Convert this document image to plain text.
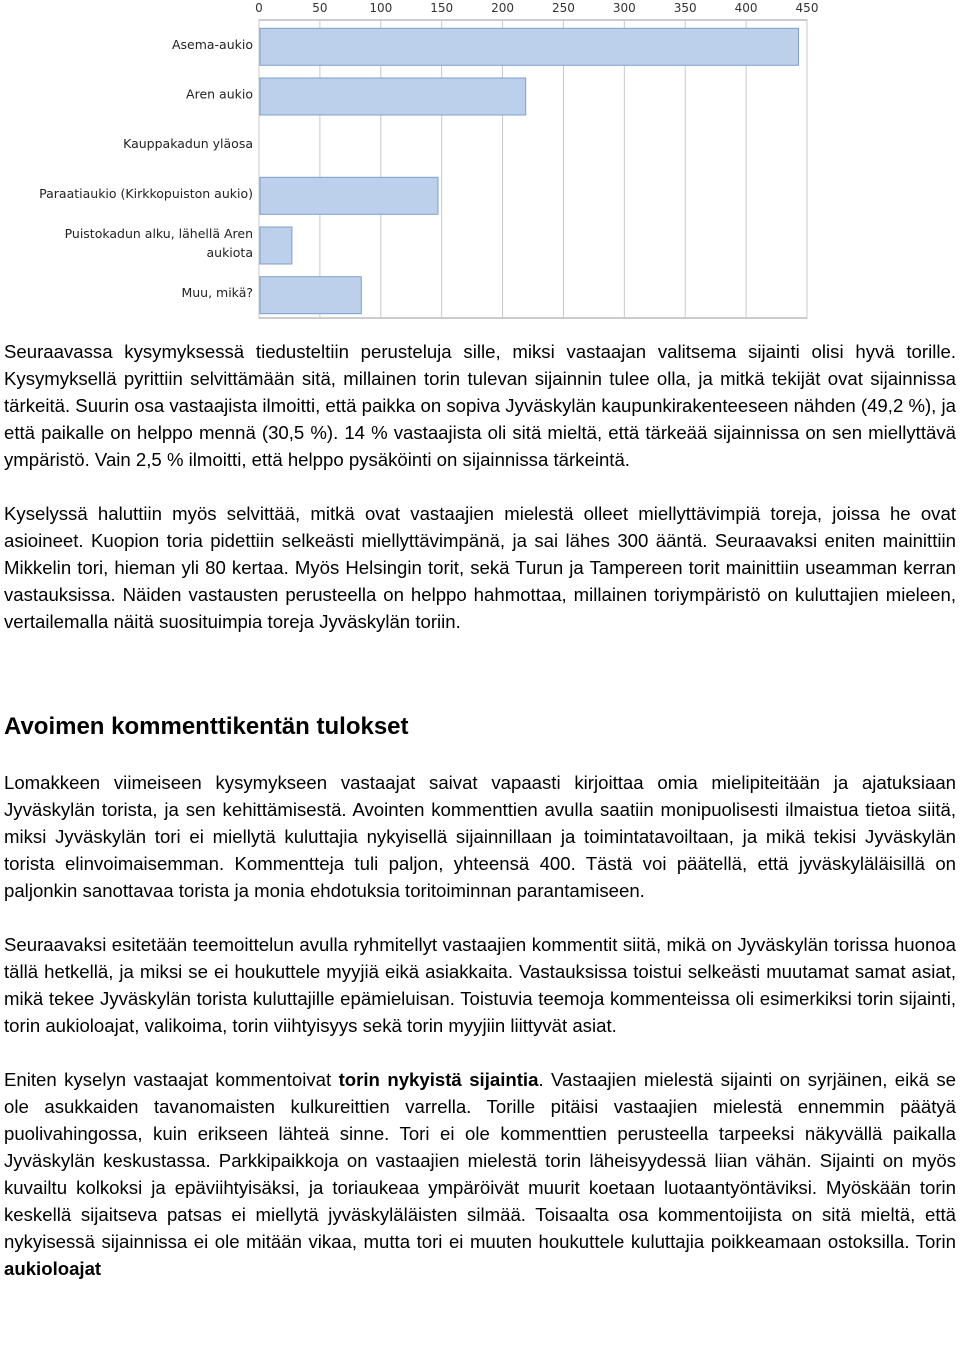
0	50	100	150	200	250	300	350	400	450
Asema-aukio
Aren aukio
Kauppakadun yläosa
Paraatiaukio (Kirkkopuiston aukio)
Puistokadun alku, lähellä Aren
aukiota
Muu, mikä?

Seuraavassa kysymyksessä tiedusteltiin perusteluja sille, miksi vastaajan valitsema sijainti olisi hyvä torille. Kysymyksellä pyrittiin selvittämään sitä, millainen torin tulevan sijainnin tulee olla, ja mitkä tekijät ovat sijainnissa tärkeitä. Suurin osa vastaajista ilmoitti, että paikka on sopiva Jyväskylän kaupunkirakenteeseen nähden (49,2 %), ja että paikalle on helppo mennä (30,5 %). 14 % vastaajista oli sitä mieltä, että tärkeää sijainnissa on sen miellyttävä ympäristö. Vain 2,5 % ilmoitti, että helppo pysäköinti on sijainnissa tärkeintä.

Kyselyssä haluttiin myös selvittää, mitkä ovat vastaajien mielestä olleet miellyttävimpiä toreja, joissa he ovat asioineet. Kuopion toria pidettiin selkeästi miellyttävimpänä, ja sai lähes 300 ääntä. Seuraavaksi eniten mainittiin Mikkelin tori, hieman yli 80 kertaa. Myös Helsingin torit, sekä Turun ja Tampereen torit mainittiin useamman kerran vastauksissa. Näiden vastausten perusteella on helppo hahmottaa, millainen toriympäristö on kuluttajien mieleen, vertailemalla näitä suosituimpia toreja Jyväskylän toriin.

Avoimen kommenttikentän tulokset

Lomakkeen viimeiseen kysymykseen vastaajat saivat vapaasti kirjoittaa omia mielipiteitään ja ajatuksiaan Jyväskylän torista, ja sen kehittämisestä. Avointen kommenttien avulla saatiin monipuolisesti ilmaistua tietoa siitä, miksi Jyväskylän tori ei miellytä kuluttajia nykyisellä sijainnillaan ja toimintatavoiltaan, ja mikä tekisi Jyväskylän torista elinvoimaisemman. Kommentteja tuli paljon, yhteensä 400. Tästä voi päätellä, että jyväskyläläisillä on paljonkin sanottavaa torista ja monia ehdotuksia toritoiminnan parantamiseen.

Seuraavaksi esitetään teemoittelun avulla ryhmitellyt vastaajien kommentit siitä, mikä on Jyväskylän torissa huonoa tällä hetkellä, ja miksi se ei houkuttele myyjiä eikä asiakkaita. Vastauksissa toistui selkeästi muutamat samat asiat, mikä tekee Jyväskylän torista kuluttajille epämieluisan. Toistuvia teemoja kommenteissa oli esimerkiksi torin sijainti, torin aukioloajat, valikoima, torin viihtyisyys sekä torin myyjiin liittyvät asiat.

Eniten kyselyn vastaajat kommentoivat torin nykyistä sijaintia. Vastaajien mielestä sijainti on syrjäinen, eikä se ole asukkaiden tavanomaisten kulkureittien varrella. Torille pitäisi vastaajien mielestä ennemmin päätyä puolivahingossa, kuin erikseen lähteä sinne. Tori ei ole kommenttien perusteella tarpeeksi näkyvällä paikalla Jyväskylän keskustassa. Parkkipaikkoja on vastaajien mielestä torin läheisyydessä liian vähän. Sijainti on myös kuvailtu kolkoksi ja epäviihtyisäksi, ja toriaukeaa ympäröivät muurit koetaan luotaantyöntäviksi. Myöskään torin keskellä sijaitseva patsas ei miellytä jyväskyläläisten silmää. Toisaalta osa kommentoijista on sitä mieltä, että nykyisessä sijainnissa ei ole mitään vikaa, mutta tori ei muuten houkuttele kuluttajia poikkeamaan ostoksilla. Torin aukioloajat
